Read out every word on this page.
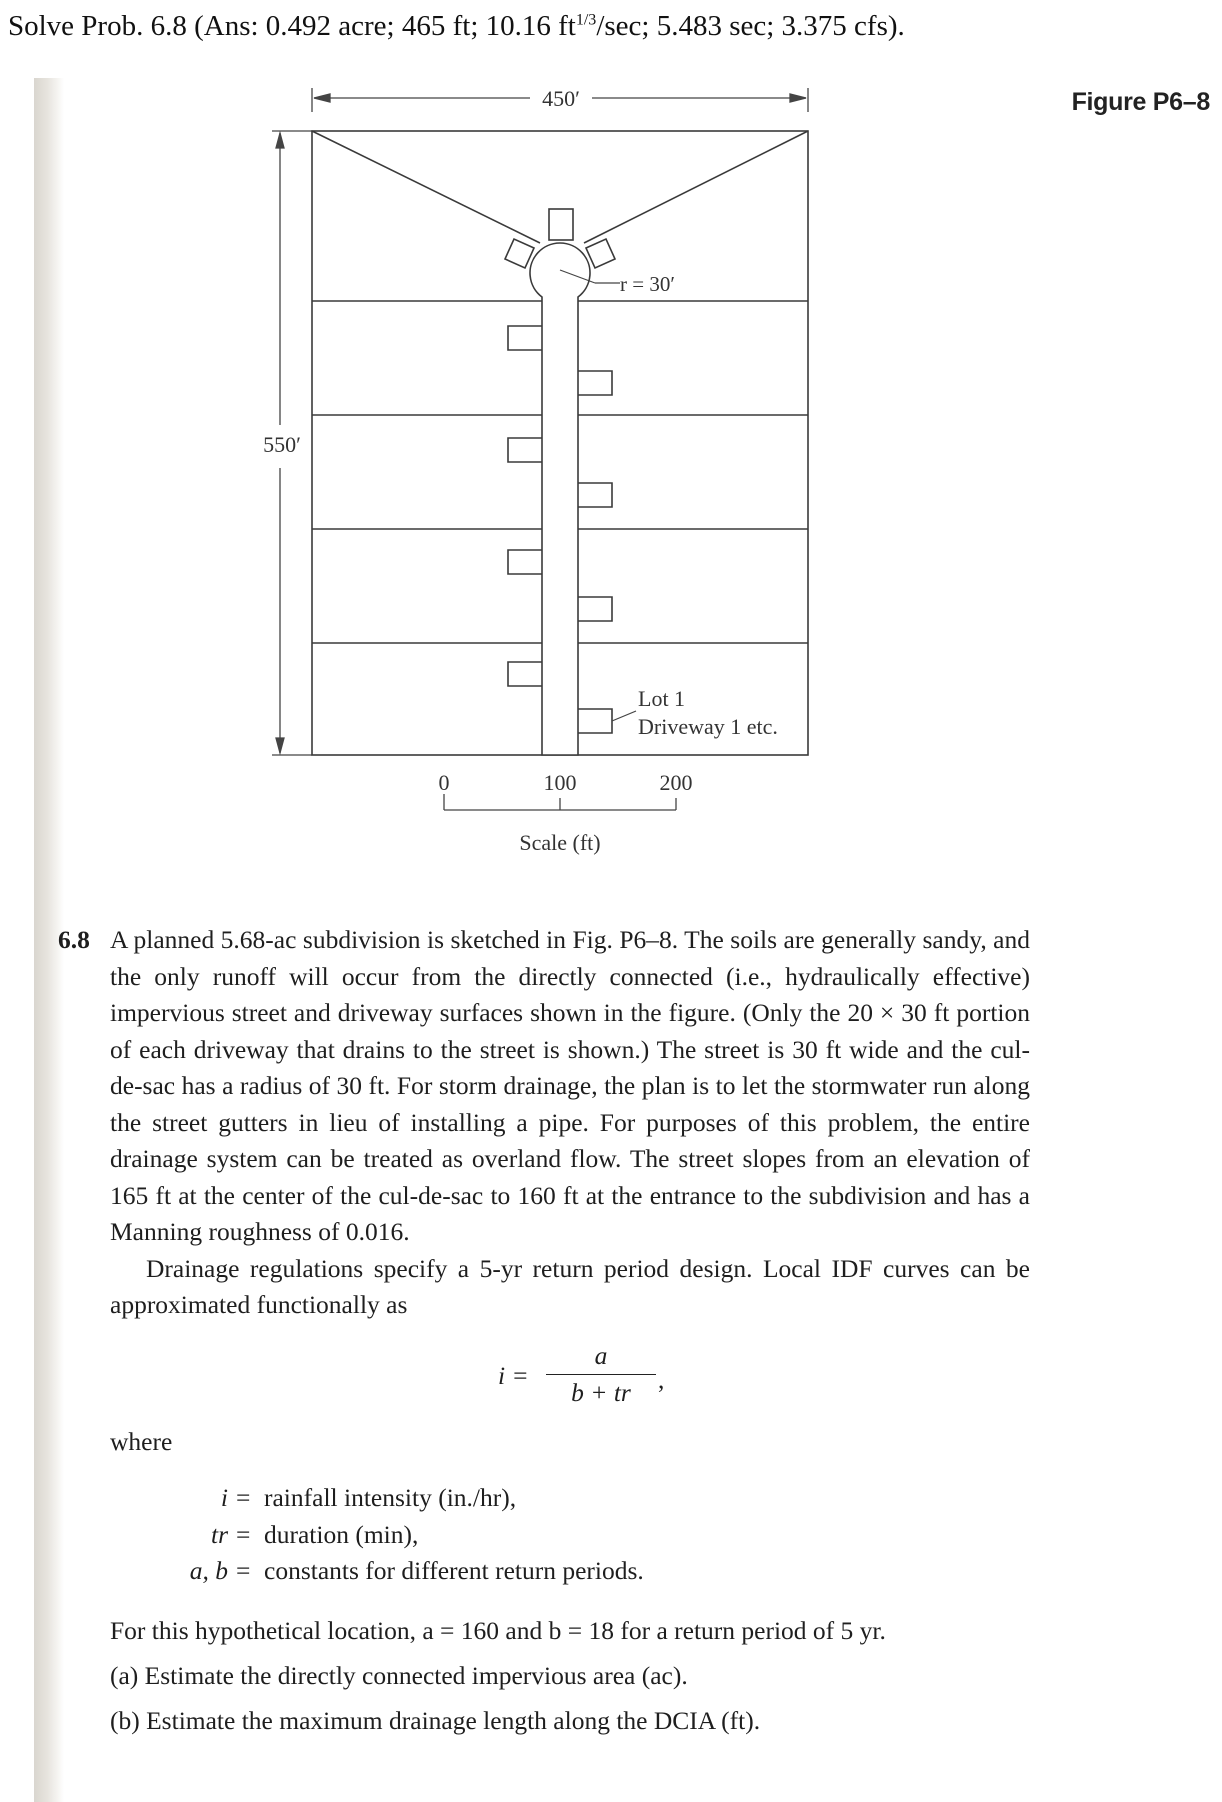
Solve Prob. 6.8 (Ans: 0.492 acre; 465 ft; 10.16 $ft^{1/3}/\sec$; 5.483 sec; 3.375 cfs).
Figure P6–8
450′
550′
r = 30′
Lot 1
Driveway 1 etc.
0	100	200
Scale (ft)
6.8 A planned 5.68-ac subdivision is sketched in Fig. P6–8. The soils are generally sandy, and the only runoff will occur from the directly connected (i.e., hydraulically effective) impervious street and driveway surfaces shown in the figure. (Only the 20 × 30 ft portion of each driveway that drains to the street is shown.) The street is 30 ft wide and the cul-de-sac has a radius of 30 ft. For storm drainage, the plan is to let the stormwater run along the street gutters in lieu of installing a pipe. For purposes of this problem, the entire drainage system can be treated as overland flow. The street slopes from an elevation of 165 ft at the center of the cul-de-sac to 160 ft at the entrance to the subdivision and has a Manning roughness of 0.016.
Drainage regulations specify a 5-yr return period design. Local IDF curves can be approximated functionally as
$i = \frac{a}{b + tr}$ ,
where
i = rainfall intensity (in./hr),
tr = duration (min),
a, b = constants for different return periods.
For this hypothetical location, a = 160 and b = 18 for a return period of 5 yr.
(a) Estimate the directly connected impervious area (ac).
(b) Estimate the maximum drainage length along the DCIA (ft).
